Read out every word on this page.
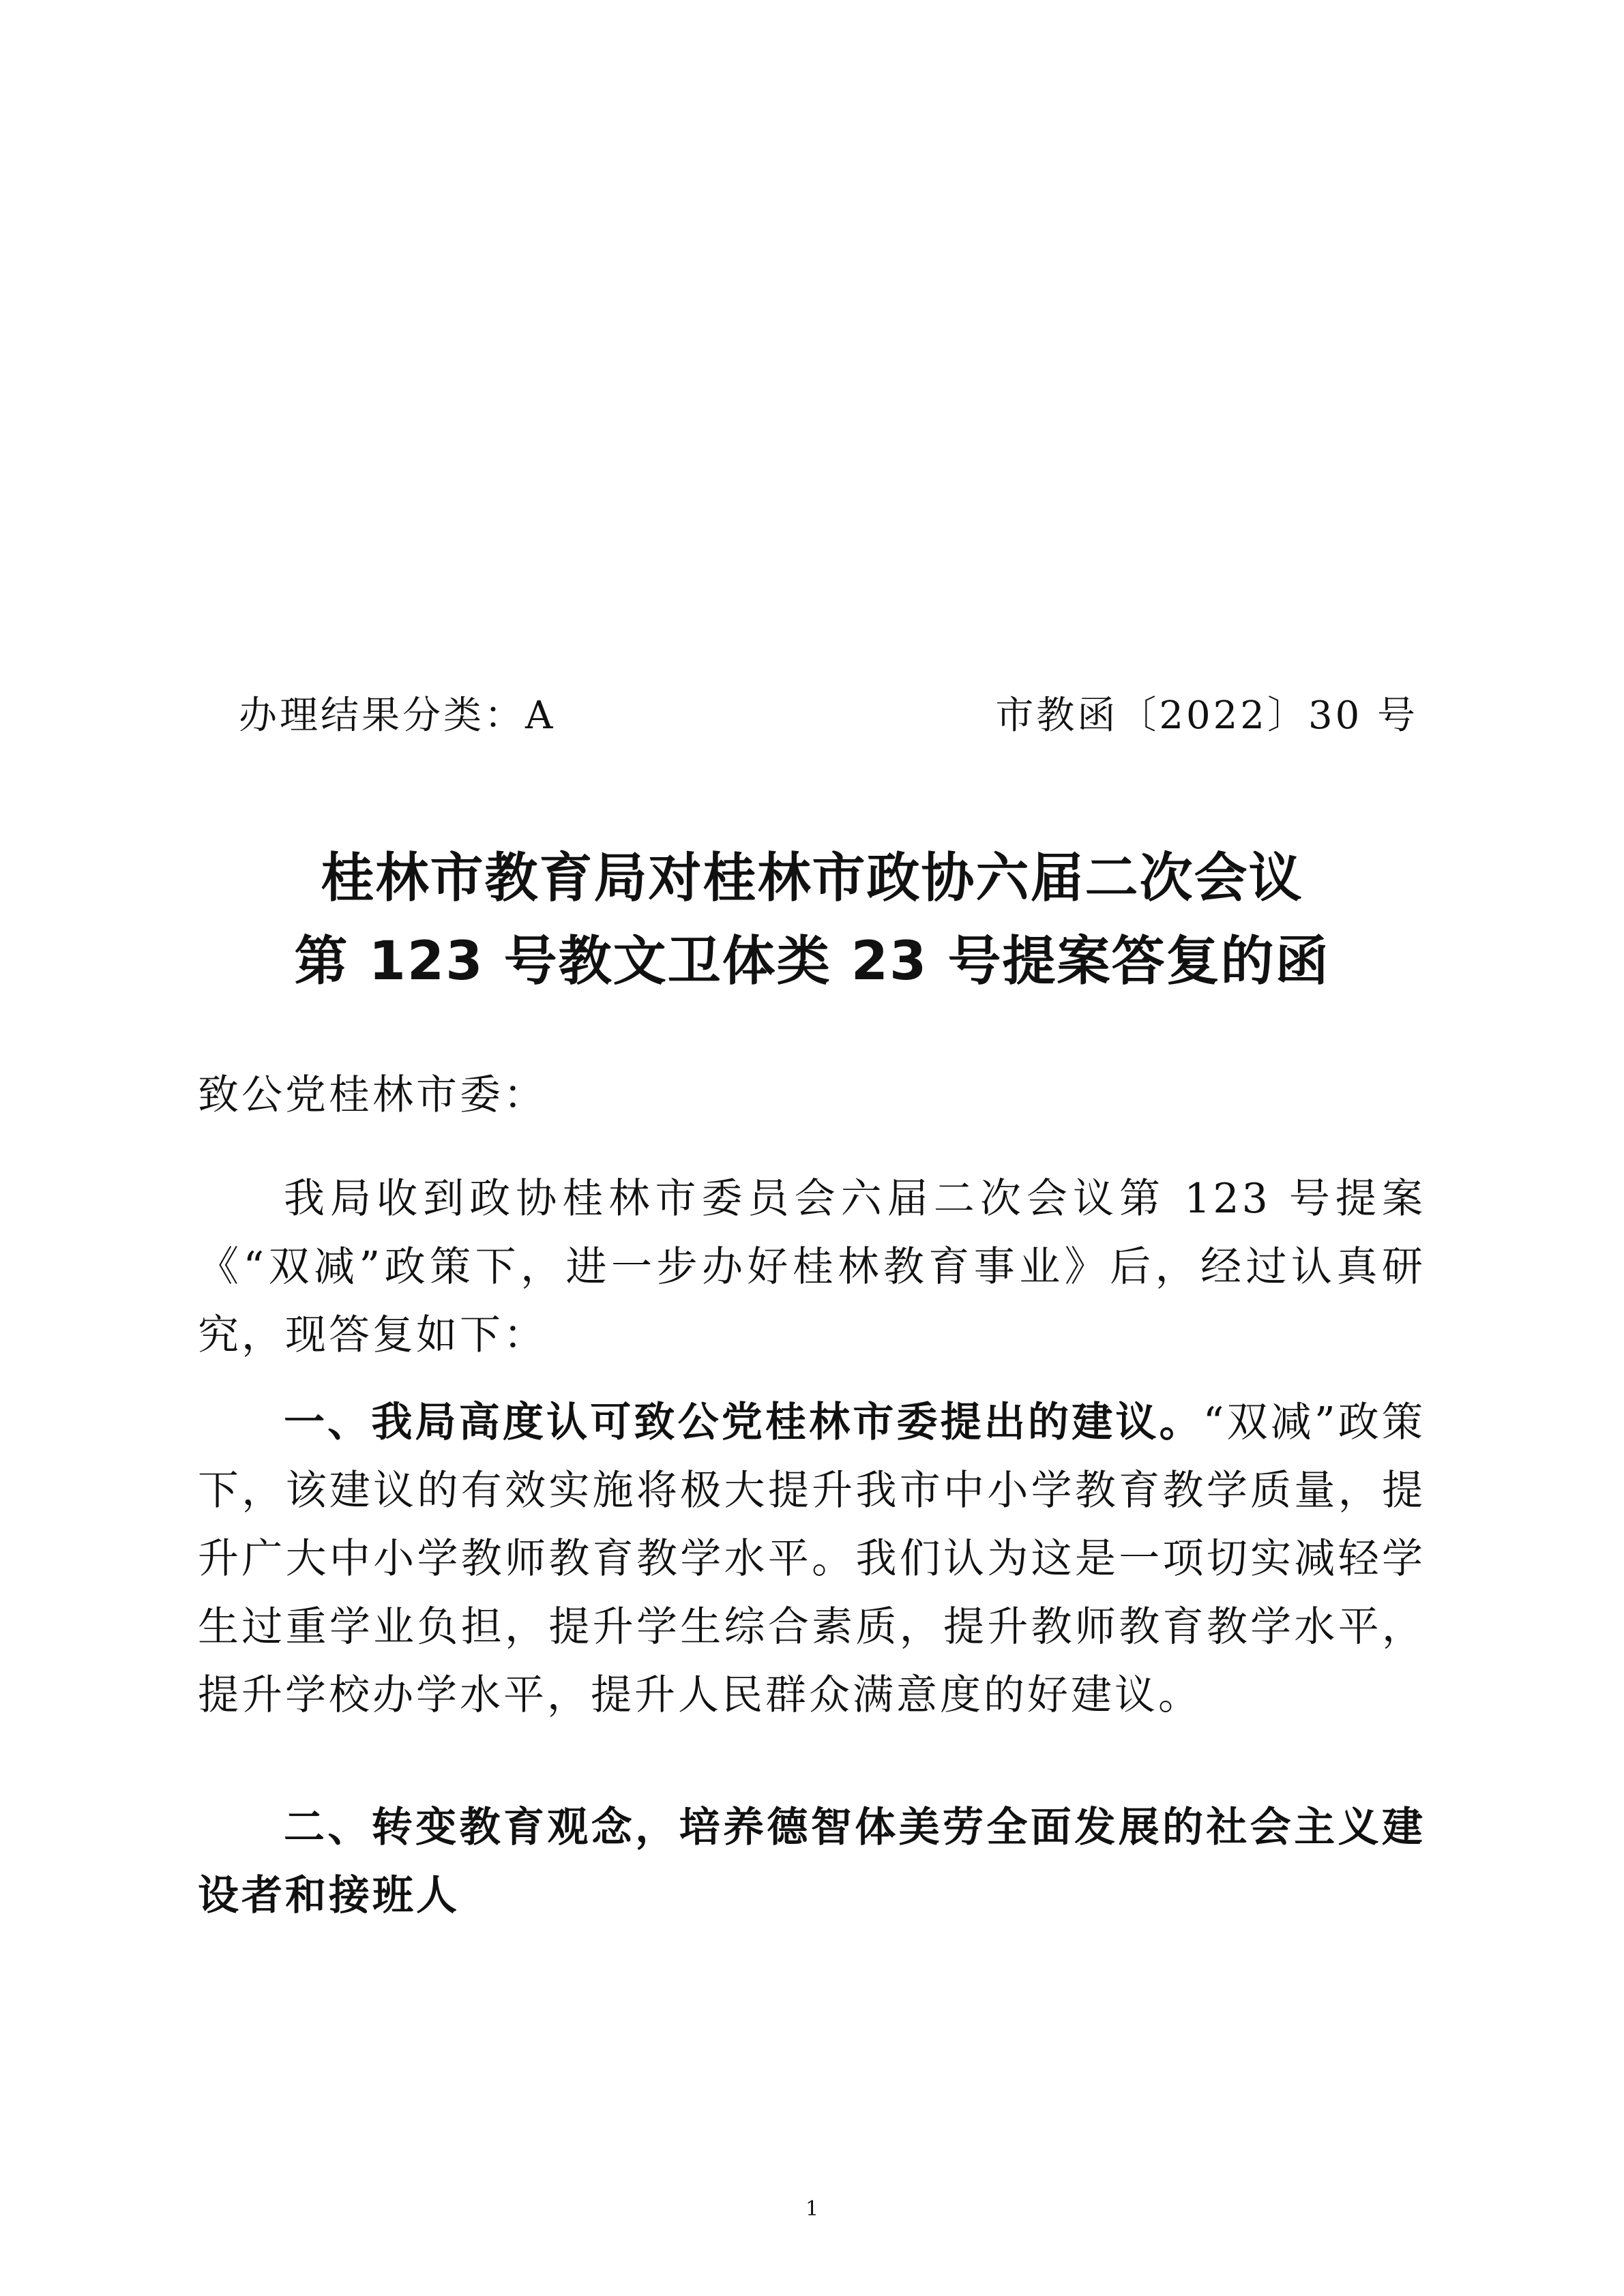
办理结果分类：A	市教函〔2022〕30 号
桂林市教育局对桂林市政协六届二次会议
第 123 号教文卫体类 23 号提案答复的函
致公党桂林市委：
我局收到政协桂林市委员会六届二次会议第 123 号提案《“双减”政策下，进一步办好桂林教育事业》后，经过认真研究，现答复如下：
一、我局高度认可致公党桂林市委提出的建议。“双减”政策下，该建议的有效实施将极大提升我市中小学教育教学质量，提升广大中小学教师教育教学水平。我们认为这是一项切实减轻学生过重学业负担，提升学生综合素质，提升教师教育教学水平，提升学校办学水平，提升人民群众满意度的好建议。
二、转变教育观念，培养德智体美劳全面发展的社会主义建设者和接班人
1
